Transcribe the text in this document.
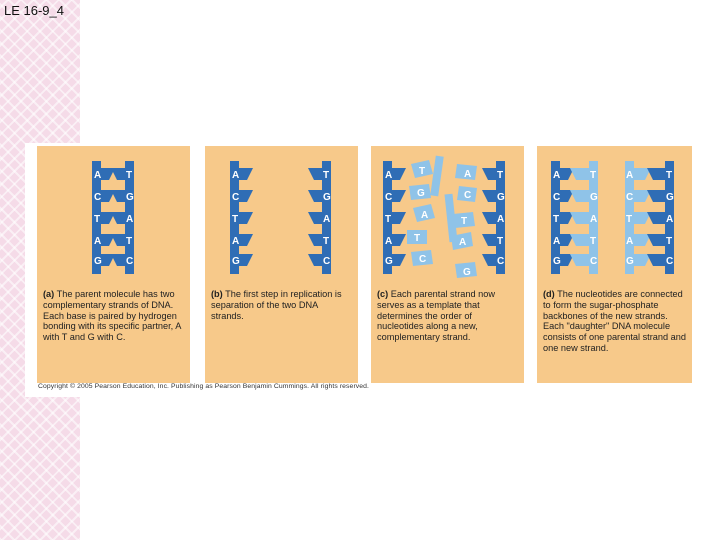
LE 16-9_4
A
C
T
A
G
T
G
A
T
C
(a) The parent molecule has two complementary strands of DNA. Each base is paired by hydrogen bonding with its specific partner, A with T and G with C.
A
C
T
A
G
T
G
A
T
C
(b) The first step in replication is separation of the two DNA strands.
A
C
T
A
G
T
G
A
T
C
T
G
A
T
C
A
C
T
A
G
(c) Each parental strand now serves as a template that determines the order of nucleotides along a new, complementary strand.
A
C
T
A
G
T
G
A
T
C
T
G
A
T
C
A
C
T
A
G
(d) The nucleotides are connected to form the sugar-phosphate backbones of the new strands. Each "daughter" DNA molecule consists of one parental strand and one new strand.
Copyright © 2005 Pearson Education, Inc. Publishing as Pearson Benjamin Cummings. All rights reserved.
